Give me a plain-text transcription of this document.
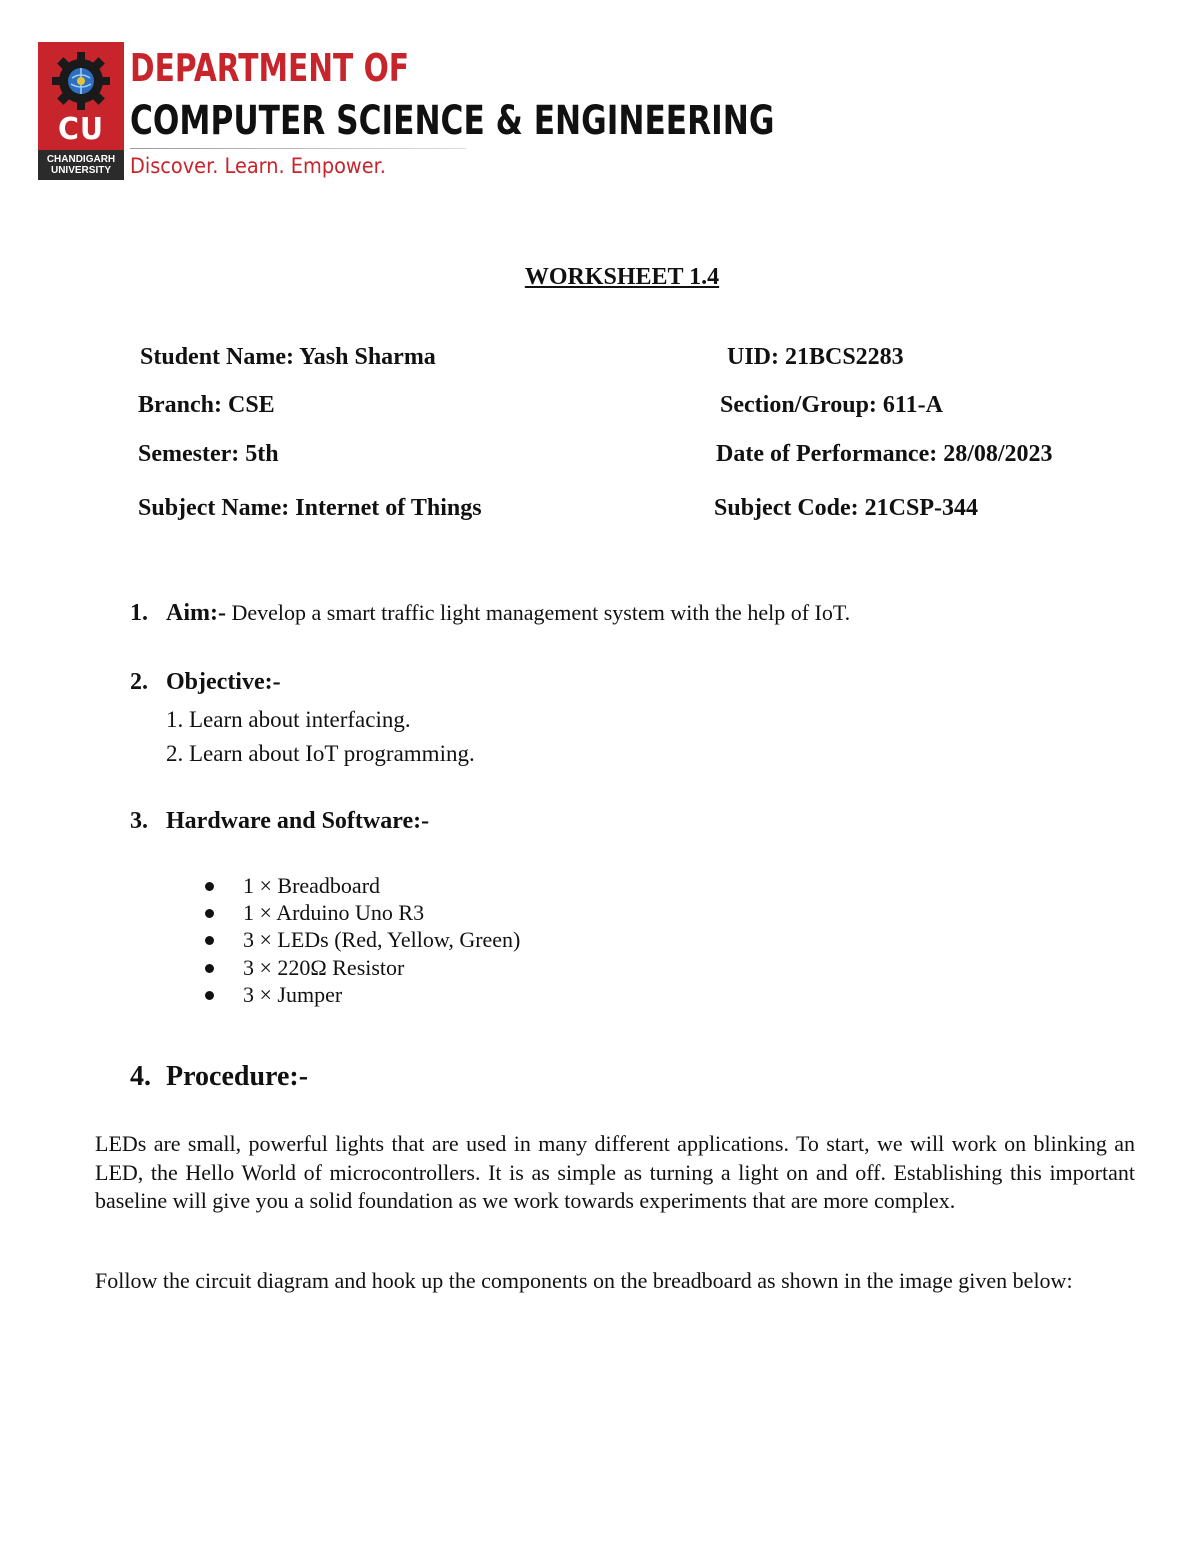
CU
CHANDIGARH
UNIVERSITY
DEPARTMENT OF
COMPUTER SCIENCE & ENGINEERING
Discover. Learn. Empower.
WORKSHEET 1.4
Student Name: Yash Sharma	UID: 21BCS2283
Branch: CSE	Section/Group: 611-A
Semester: 5th	Date of Performance: 28/08/2023
Subject Name: Internet of Things	Subject Code: 21CSP-344
1. Aim:- Develop a smart traffic light management system with the help of IoT.
2. Objective:-
1. Learn about interfacing.
2. Learn about IoT programming.
3. Hardware and Software:-
1 × Breadboard
1 × Arduino Uno R3
3 × LEDs (Red, Yellow, Green)
3 × 220Ω Resistor
3 × Jumper
4. Procedure:-

LEDs are small, powerful lights that are used in many different applications. To start, we will work on blinking an LED, the Hello World of microcontrollers. It is as simple as turning a light on and off. Establishing this important baseline will give you a solid foundation as we work towards experiments that are more complex.

Follow the circuit diagram and hook up the components on the breadboard as shown in the image given below:
